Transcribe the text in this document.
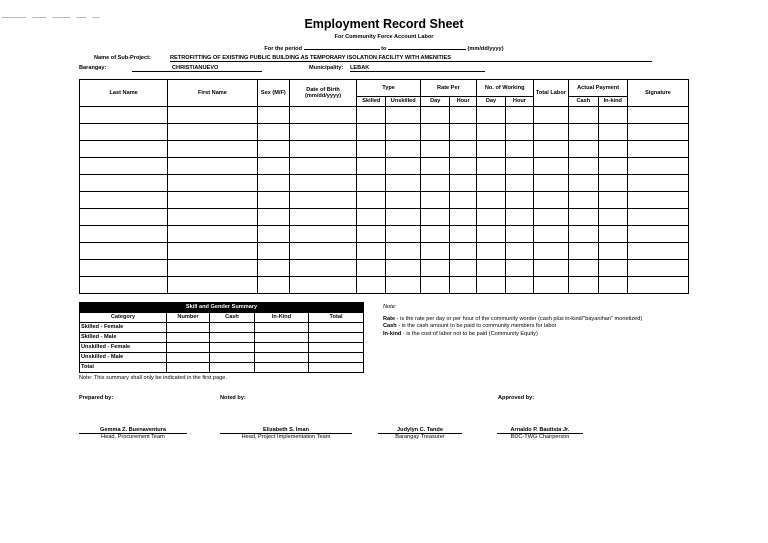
Employment Record Sheet
For Community Force Account Labor
For the period	to	(mm/dd/yyyy)
Name of Sub-Project:	RETROFITTING OF EXISTING PUBLIC BUILDING AS TEMPORARY ISOLATION FACILITY WITH AMENITIES
Barangay:	CHRISTIANUEVO	Municipality: LEBAK
Last Name	First Name	Sex (M/F)	Date of Birth (mm/dd/yyyy)	Type		Rate Per		No. of Working		Total Labor	Actual Payment		Signature
				Skilled	Unskilled	Day	Hour	Day	Hour		Cash	In-kind	

Skill and Gender Summary				
Category	Number	Cash	In-Kind	Total
Skilled - Female				
Skilled - Male				
Unskilled - Female				
Unskilled - Male				
Total				
Note: This summary shall only be indicated in the first page.

Note:

Rate - is the rate per day or per hour of the community worder (cash plus in-kind/"bayanihan" monetized)

Cash - is the cash amount to be paid to community members for labor

In-kind - is the cost of labor not to be paid (Community Equity)

Prepared by:	Noted by:	Approved by:
Gemma Z. Buenaventura
Head, Procurement Team
Elizabeth S. Iman
Head, Project Implementation Team
Judylyn C. Tande
Barangay Treasurer
Arnaldo P. Bautista Jr.
BDC-TWG Chairperson
